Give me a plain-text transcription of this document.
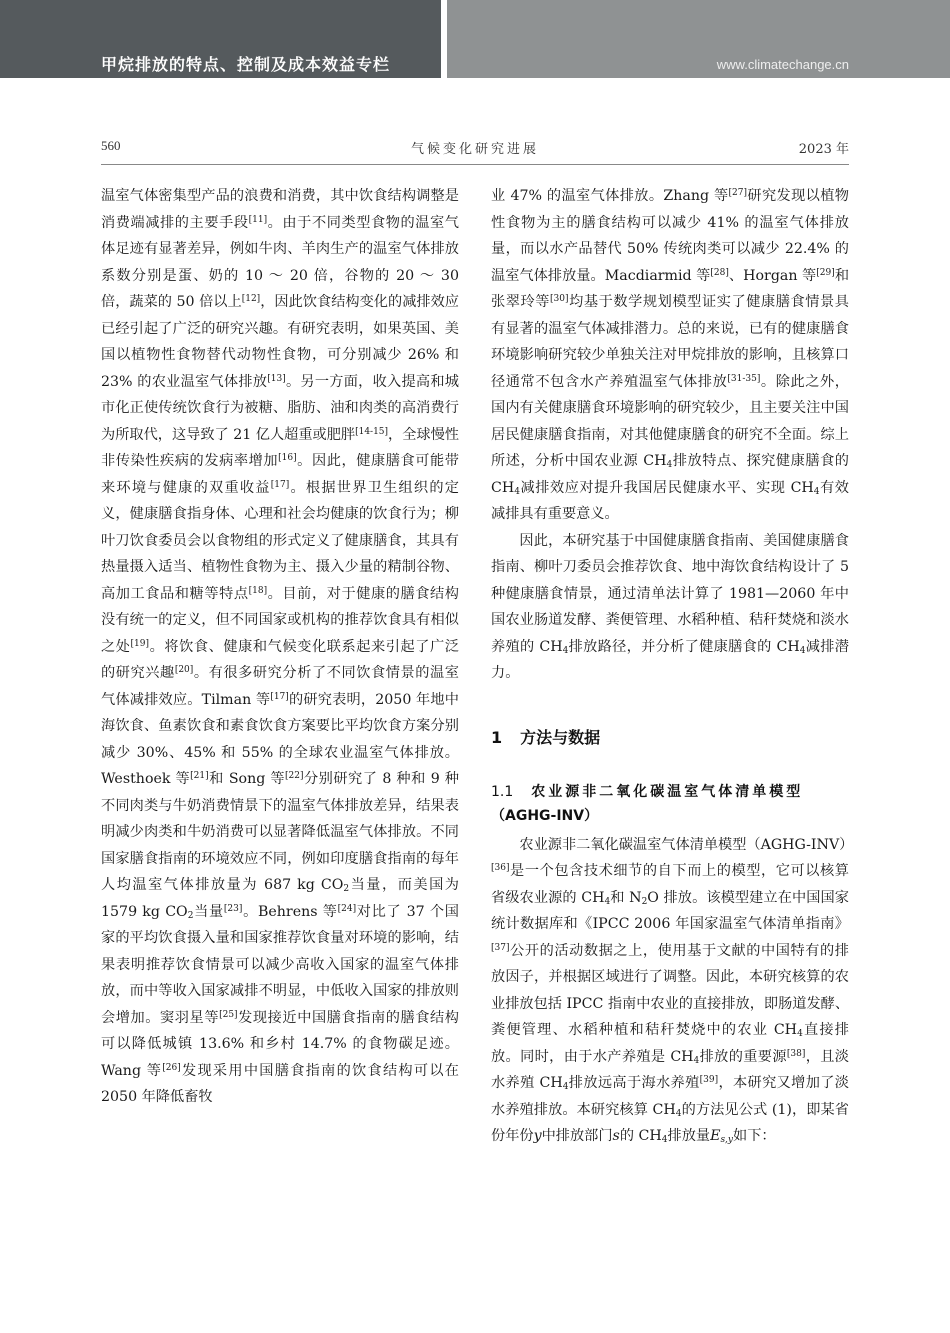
甲烷排放的特点、控制及成本效益专栏	www.climatechange.cn
560	气候变化研究进展	2023 年

温室气体密集型产品的浪费和消费，其中饮食结构调整是消费端减排的主要手段[11]。由于不同类型食物的温室气体足迹有显著差异，例如牛肉、羊肉生产的温室气体排放系数分别是蛋、奶的 10 ～ 20 倍，谷物的 20 ～ 30 倍，蔬菜的 50 倍以上[12]，因此饮食结构变化的减排效应已经引起了广泛的研究兴趣。有研究表明，如果英国、美国以植物性食物替代动物性食物，可分别减少 26% 和 23% 的农业温室气体排放[13]。另一方面，收入提高和城市化正使传统饮食行为被糖、脂肪、油和肉类的高消费行为所取代，这导致了 21 亿人超重或肥胖[14-15]，全球慢性非传染性疾病的发病率增加[16]。因此，健康膳食可能带来环境与健康的双重收益[17]。根据世界卫生组织的定义，健康膳食指身体、心理和社会均健康的饮食行为；柳叶刀饮食委员会以食物组的形式定义了健康膳食，其具有热量摄入适当、植物性食物为主、摄入少量的精制谷物、高加工食品和糖等特点[18]。目前，对于健康的膳食结构没有统一的定义，但不同国家或机构的推荐饮食具有相似之处[19]。将饮食、健康和气候变化联系起来引起了广泛的研究兴趣[20]。有很多研究分析了不同饮食情景的温室气体减排效应。Tilman 等[17]的研究表明，2050 年地中海饮食、鱼素饮食和素食饮食方案要比平均饮食方案分别减少 30%、45% 和 55% 的全球农业温室气体排放。Westhoek 等[21]和 Song 等[22]分别研究了 8 种和 9 种不同肉类与牛奶消费情景下的温室气体排放差异，结果表明减少肉类和牛奶消费可以显著降低温室气体排放。不同国家膳食指南的环境效应不同，例如印度膳食指南的每年人均温室气体排放量为 687 kg $CO_2$当量，而美国为 1579 kg $CO_2$当量[23]。Behrens 等[24]对比了 37 个国家的平均饮食摄入量和国家推荐饮食量对环境的影响，结果表明推荐饮食情景可以减少高收入国家的温室气体排放，而中等收入国家减排不明显，中低收入国家的排放则会增加。窦羽星等[25]发现接近中国膳食指南的膳食结构可以降低城镇 13.6% 和乡村 14.7% 的食物碳足迹。Wang 等[26]发现采用中国膳食指南的饮食结构可以在 2050 年降低畜牧

业 47% 的温室气体排放。Zhang 等[27]研究发现以植物性食物为主的膳食结构可以减少 41% 的温室气体排放量，而以水产品替代 50% 传统肉类可以减少 22.4% 的温室气体排放量。Macdiarmid 等[28]、Horgan 等[29]和张翠玲等[30]均基于数学规划模型证实了健康膳食情景具有显著的温室气体减排潜力。总的来说，已有的健康膳食环境影响研究较少单独关注对甲烷排放的影响，且核算口径通常不包含水产养殖温室气体排放[31-35]。除此之外，国内有关健康膳食环境影响的研究较少，且主要关注中国居民健康膳食指南，对其他健康膳食的研究不全面。综上所述，分析中国农业源 $CH_4$排放特点、探究健康膳食的 $CH_4$减排效应对提升我国居民健康水平、实现 $CH_4$有效减排具有重要意义。

因此，本研究基于中国健康膳食指南、美国健康膳食指南、柳叶刀委员会推荐饮食、地中海饮食结构设计了 5 种健康膳食情景，通过清单法计算了 1981—2060 年中国农业肠道发酵、粪便管理、水稻种植、秸秆焚烧和淡水养殖的 $CH_4$排放路径，并分析了健康膳食的 $CH_4$减排潜力。

1 方法与数据
1.1 农业源非二氧化碳温室气体清单模型
（AGHG-INV）

农业源非二氧化碳温室气体清单模型（AGHG-INV）[36]是一个包含技术细节的自下而上的模型，它可以核算省级农业源的 $CH_4$和 $N_2O$ 排放。该模型建立在中国国家统计数据库和《IPCC 2006 年国家温室气体清单指南》[37]公开的活动数据之上，使用基于文献的中国特有的排放因子，并根据区域进行了调整。因此，本研究核算的农业排放包括 IPCC 指南中农业的直接排放，即肠道发酵、粪便管理、水稻种植和秸秆焚烧中的农业 $CH_4$直接排放。同时，由于水产养殖是 $CH_4$排放的重要源[38]，且淡水养殖 $CH_4$排放远高于海水养殖[39]，本研究又增加了淡水养殖排放。本研究核算 $CH_4$的方法见公式 (1)，即某省份年份y中排放部门s的 $CH_4$排放量$E_{s,y}$如下：
